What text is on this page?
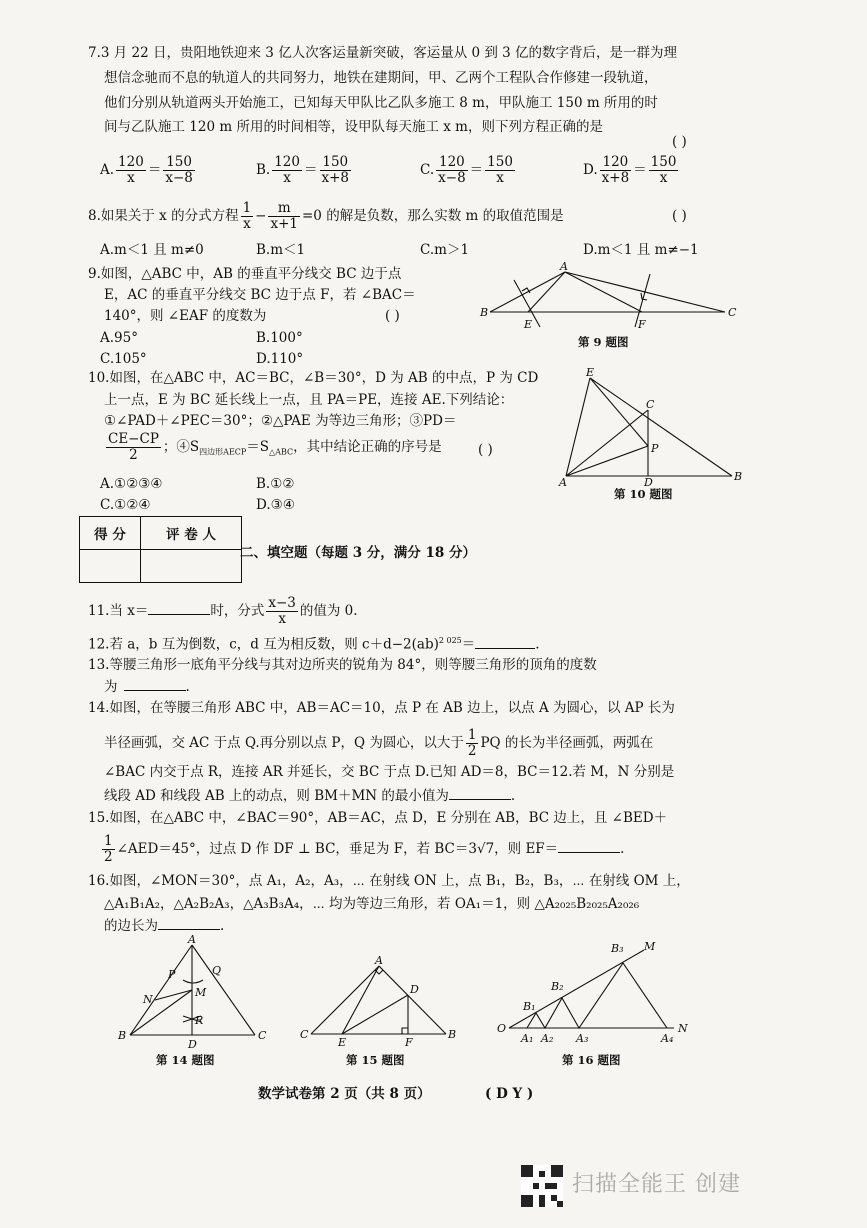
7.3 月 22 日，贵阳地铁迎来 3 亿人次客运量新突破，客运量从 0 到 3 亿的数字背后，是一群为理
想信念驰而不息的轨道人的共同努力，地铁在建期间，甲、乙两个工程队合作修建一段轨道，
他们分别从轨道两头开始施工，已知每天甲队比乙队多施工 8 m，甲队施工 150 m 所用的时
间与乙队施工 120 m 所用的时间相等，设甲队每天施工 x m，则下列方程正确的是
( )
A. $\frac{120}{x} = \frac{150}{x-8}$	B. $\frac{120}{x} = \frac{150}{x+8}$	C. $\frac{120}{x-8} = \frac{150}{x}$	D. $\frac{120}{x+8} = \frac{150}{x}$
8.如果关于 x 的分式方程 $\frac{1}{x} - \frac{m}{x+1} =0$ 的解是负数，那么实数 m 的取值范围是	( )
A.m＜1 且 m≠0	B.m＜1	C.m＞1	D.m＜1 且 m≠−1
9.如图，△ABC 中，AB 的垂直平分线交 BC 边于点
E，AC 的垂直平分线交 BC 边于点 F，若 ∠BAC＝
140°，则 ∠EAF 的度数为	( )
A.95°	B.100°
C.105°	D.110°
A
B	C
E	F
第 9 题图
10.如图，在△ABC 中，AC＝BC，∠B＝30°，D 为 AB 的中点，P 为 CD
上一点，E 为 BC 延长线上一点，且 PA＝PE，连接 AE.下列结论：
①∠PAD＋∠PEC＝30°；②△PAE 为等边三角形；③PD＝
$\frac{CE-CP}{2}$ ；$④S_{四边形AECP}=S_{\triangle ABC}$，其中结论正确的序号是	( )
A.①②③④	B.①②
C.①②④	D.③④
A	B
C
D
E
P
第 10 题图
得 分	评 卷 人

二、填空题（每题 3 分，满分 18 分）
11.当 x＝	时，分式 $\frac{x-3}{x}$ 的值为 0.
12.若 a，b 互为倒数，c，d 互为相反数，则 c＋d−2(ab)$^{2 025}$＝	.
13.等腰三角形一底角平分线与其对边所夹的锐角为 84°，则等腰三角形的顶角的度数
为	.
14.如图，在等腰三角形 ABC 中，AB＝AC＝10，点 P 在 AB 边上，以点 A 为圆心，以 AP 长为
半径画弧，交 AC 于点 Q.再分别以点 P，Q 为圆心，以大于 $\frac{1}{2}$ PQ 的长为半径画弧，两弧在
∠BAC 内交于点 R，连接 AR 并延长，交 BC 于点 D.已知 AD＝8，BC＝12.若 M，N 分别是
线段 AD 和线段 AB 上的动点，则 BM＋MN 的最小值为	.
15.如图，在△ABC 中，∠BAC＝90°，AB＝AC，点 D，E 分别在 AB，BC 边上，且 ∠BED＋
$\frac{1}{2}$ ∠AED＝45°，过点 D 作 DF ⊥ BC，垂足为 F，若 BC＝3√7，则 EF＝	.
16.如图，∠MON＝30°，点 A₁，A₂，A₃，⋯ 在射线 ON 上，点 B₁，B₂，B₃，⋯ 在射线 OM 上，
△A₁B₁A₂，△A₂B₂A₃，△A₃B₃A₄，⋯ 均为等边三角形，若 OA₁＝1，则 △A₂₀₂₅B₂₀₂₅A₂₀₂₆
的边长为	.
A
B	C
D
P	Q
M
N
R
第 14 题图
A
B
C
D
E	F
第 15 题图
O
M
N
B₁
B₂
B₃
A₁ A₂ A₃	A₄
第 16 题图
数学试卷第 2 页（共 8 页）	( D Y )
扫描全能王 创建
